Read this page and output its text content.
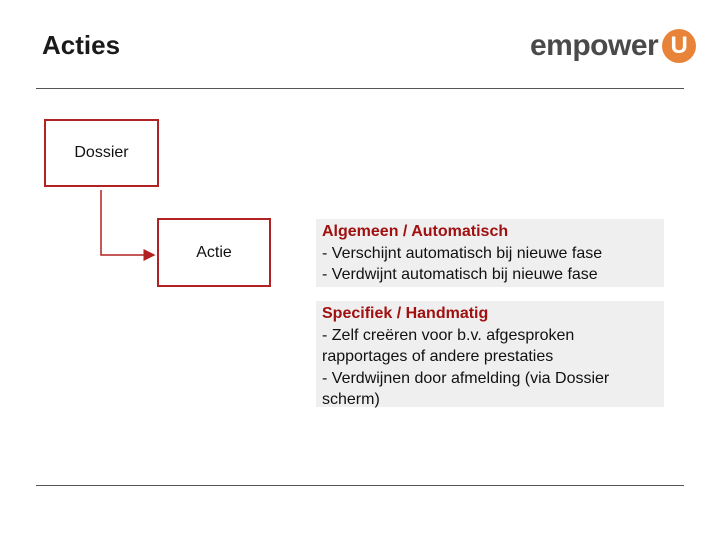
Acties	empower U
Dossier
Actie
Algemeen / Automatisch
- Verschijnt automatisch bij nieuwe fase
- Verdwijnt automatisch bij nieuwe fase
Specifiek / Handmatig
- Zelf creëren voor b.v. afgesproken
rapportages of andere prestaties
- Verdwijnen door afmelding (via Dossier
scherm)
